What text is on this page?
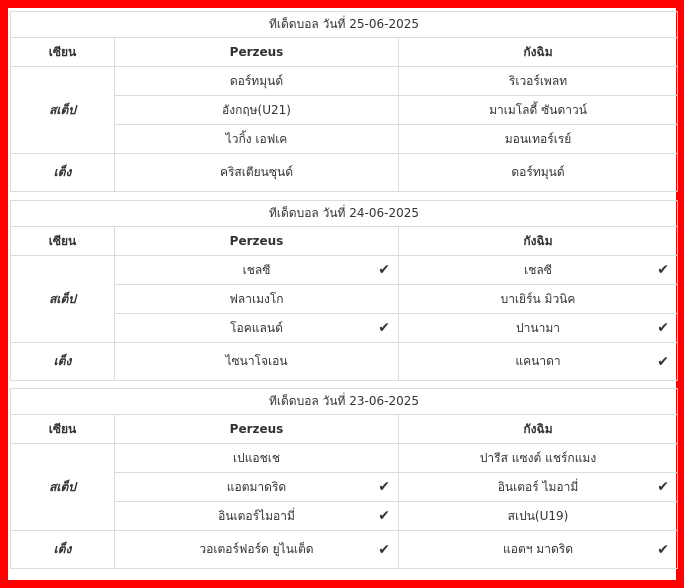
ทีเด็ดบอล วันที่ 25-06-2025		
เซียน	Perzeus	กังฉิม
สเต็ป	ดอร์ทมุนด์	ริเวอร์เพลท
	อังกฤษ(U21)	มาเมโลดี้ ซันดาวน์
	ไวกิ้ง เอฟเค	มอนเทอร์เรย์
เต็ง	คริสเตียนซุนด์	ดอร์ทมุนด์
ทีเด็ดบอล วันที่ 24-06-2025		
เซียน	Perzeus	กังฉิม
สเต็ป	เชลซี ✔	เชลซี ✔

	ฟลาเมงโก	บาเยิร์น มิวนิค
	โอคแลนด์ ✔	ปานามา ✔

เต็ง	ไซนาโจเอน	แคนาดา ✔
ทีเด็ดบอล วันที่ 23-06-2025		
เซียน	Perzeus	กังฉิม
สเต็ป	เปแอชเช	ปารีส แซงต์ แชร์กแมง
	แอตมาดริด ✔	อินเตอร์ ไมอามี่ ✔

	อินเตอร์ไมอามี่ ✔	สเปน(U19)
เต็ง	วอเตอร์ฟอร์ด ยูไนเต็ด ✔	แอตฯ มาดริด ✔
